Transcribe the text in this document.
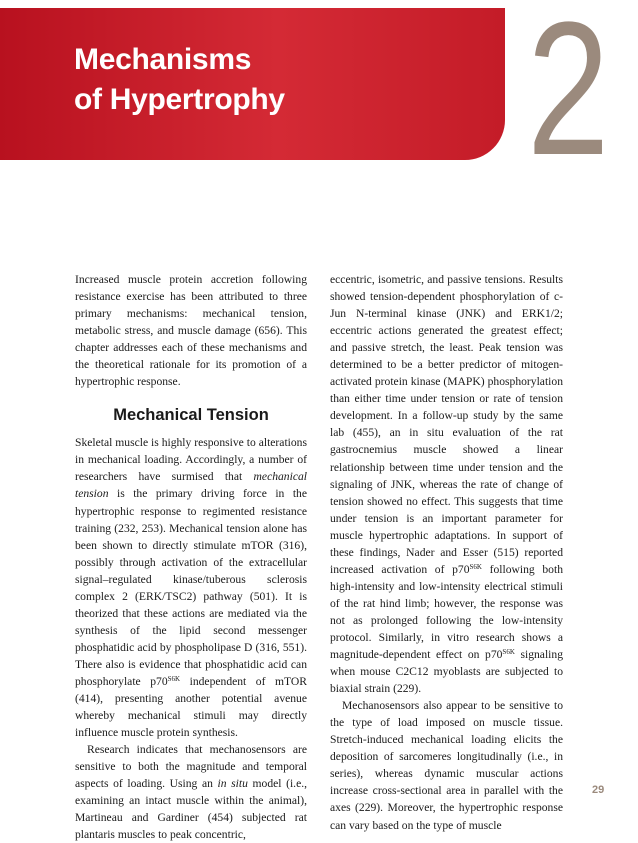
Mechanisms
of Hypertrophy 2

Increased muscle protein accretion following resistance exercise has been attributed to three primary mechanisms: mechanical tension, metabolic stress, and muscle damage (656). This chapter addresses each of these mechanisms and the theoretical rationale for its promotion of a hypertrophic response.

Mechanical Tension

Skeletal muscle is highly responsive to alterations in mechanical loading. Accordingly, a number of researchers have surmised that mechanical tension is the primary driving force in the hypertrophic response to regimented resistance training (232, 253). Mechanical tension alone has been shown to directly stimulate mTOR (316), possibly through activation of the extracellular signal–regulated kinase/tuberous sclerosis complex 2 (ERK/TSC2) pathway (501). It is theorized that these actions are mediated via the synthesis of the lipid second messenger phosphatidic acid by phospholipase D (316, 551). There also is evidence that phosphatidic acid can phosphorylate $p70^{S6K}$ independent of mTOR (414), presenting another potential avenue whereby mechanical stimuli may directly influence muscle protein synthesis.

Research indicates that mechanosensors are sensitive to both the magnitude and temporal aspects of loading. Using an in situ model (i.e., examining an intact muscle within the animal), Martineau and Gardiner (454) subjected rat plantaris muscles to peak concentric,

eccentric, isometric, and passive tensions. Results showed tension-dependent phosphorylation of c-Jun N-terminal kinase (JNK) and ERK1/2; eccentric actions generated the greatest effect; and passive stretch, the least. Peak tension was determined to be a better predictor of mitogen-activated protein kinase (MAPK) phosphorylation than either time under tension or rate of tension development. In a follow-up study by the same lab (455), an in situ evaluation of the rat gastrocnemius muscle showed a linear relationship between time under tension and the signaling of JNK, whereas the rate of change of tension showed no effect. This suggests that time under tension is an important parameter for muscle hypertrophic adaptations. In support of these findings, Nader and Esser (515) reported increased activation of $p70^{S6K}$ following both high-intensity and low-intensity electrical stimuli of the rat hind limb; however, the response was not as prolonged following the low-intensity protocol. Similarly, in vitro research shows a magnitude-dependent effect on $p70^{S6K}$ signaling when mouse C2C12 myoblasts are subjected to biaxial strain (229).

Mechanosensors also appear to be sensitive to the type of load imposed on muscle tissue. Stretch-induced mechanical loading elicits the deposition of sarcomeres longitudinally (i.e., in series), whereas dynamic muscular actions increase cross-sectional area in parallel with the axes (229). Moreover, the hypertrophic response can vary based on the type of muscle

29
